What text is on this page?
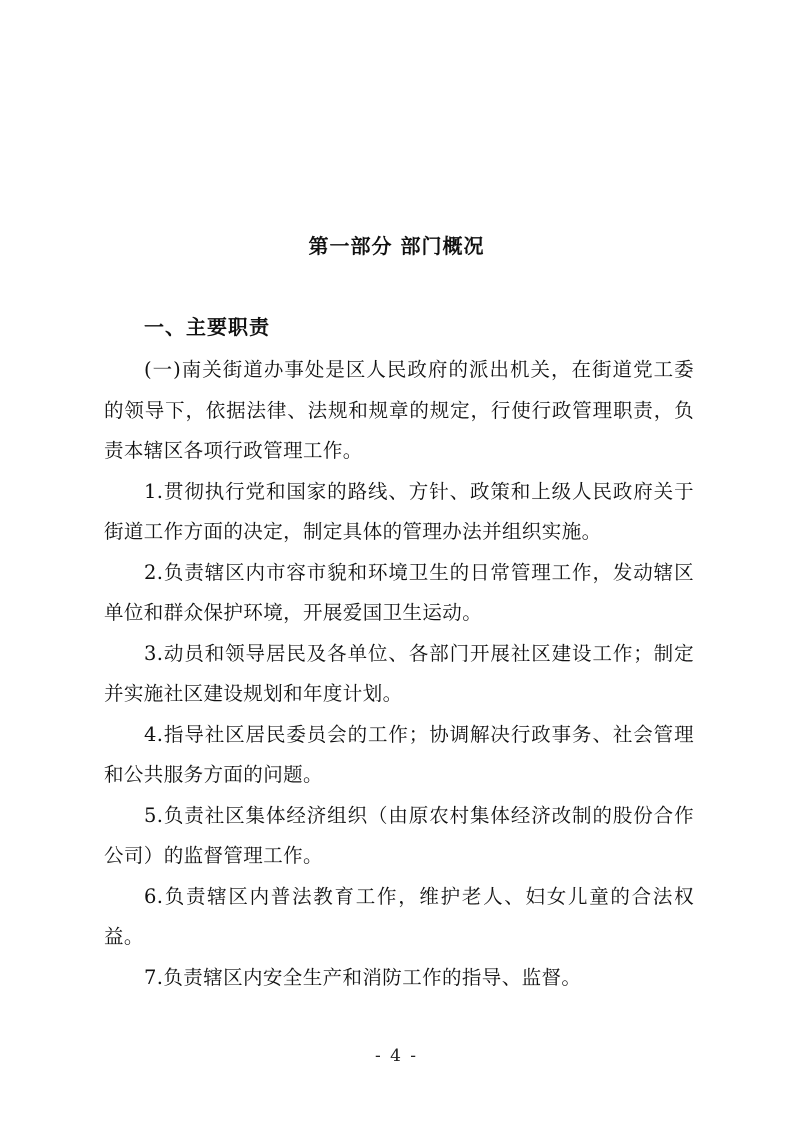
第一部分 部门概况
一、主要职责

(一)南关街道办事处是区人民政府的派出机关，在街道党工委的领导下，依据法律、法规和规章的规定，行使行政管理职责，负责本辖区各项行政管理工作。

1.贯彻执行党和国家的路线、方针、政策和上级人民政府关于街道工作方面的决定，制定具体的管理办法并组织实施。

2.负责辖区内市容市貌和环境卫生的日常管理工作，发动辖区单位和群众保护环境，开展爱国卫生运动。

3.动员和领导居民及各单位、各部门开展社区建设工作；制定并实施社区建设规划和年度计划。

4.指导社区居民委员会的工作；协调解决行政事务、社会管理和公共服务方面的问题。

5.负责社区集体经济组织（由原农村集体经济改制的股份合作公司）的监督管理工作。

6.负责辖区内普法教育工作，维护老人、妇女儿童的合法权益。

7.负责辖区内安全生产和消防工作的指导、监督。

- 4 -
